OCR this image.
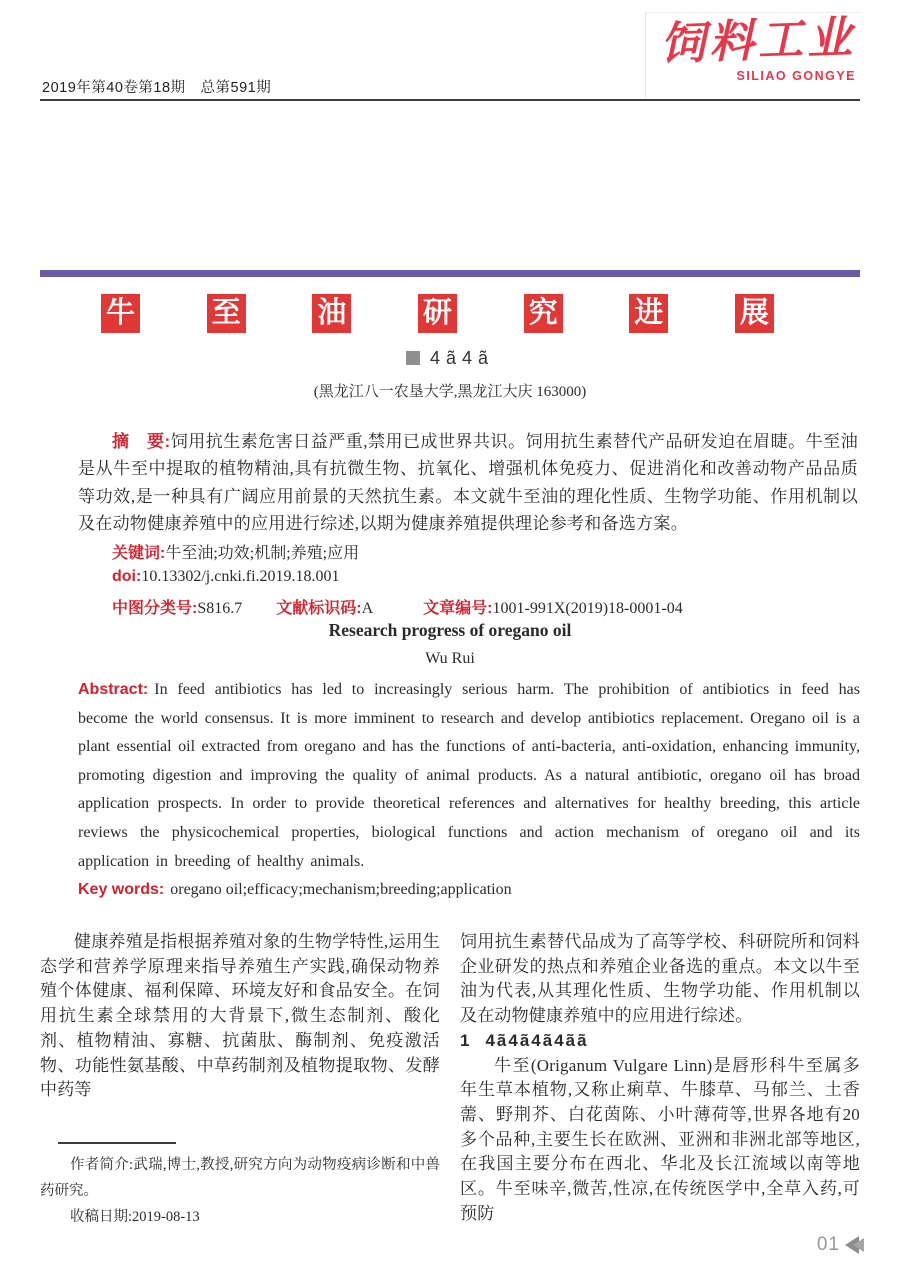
2019年第40卷第18期　总第591期
饲料工业
SILIAO GONGYE
牛	至	油	研	究	进	展
4ã4ã
(黑龙江八一农垦大学,黑龙江大庆 163000)
摘　要:饲用抗生素危害日益严重,禁用已成世界共识。饲用抗生素替代产品研发迫在眉睫。牛至油是从牛至中提取的植物精油,具有抗微生物、抗氧化、增强机体免疫力、促进消化和改善动物产品品质等功效,是一种具有广阔应用前景的天然抗生素。本文就牛至油的理化性质、生物学功能、作用机制以及在动物健康养殖中的应用进行综述,以期为健康养殖提供理论参考和备选方案。
关键词:牛至油;功效;机制;养殖;应用
doi:10.13302/j.cnki.fi.2019.18.001
中图分类号:S816.7 文献标识码:A	文章编号:1001-991X(2019)18-0001-04
Research progress of oregano oil
Wu Rui

Abstract: In feed antibiotics has led to increasingly serious harm. The prohibition of antibiotics in feed has become the world consensus. It is more imminent to research and develop antibiotics replacement. Oregano oil is a plant essential oil extracted from oregano and has the functions of anti-bacteria, anti-oxidation, enhancing immunity, promoting digestion and improving the quality of animal products. As a natural antibiotic, oregano oil has broad application prospects. In order to provide theoretical references and alternatives for healthy breeding, this article reviews the physicochemical properties, biological functions and action mechanism of oregano oil and its application in breeding of healthy animals.

Key words: oregano oil;efficacy;mechanism;breeding;application

健康养殖是指根据养殖对象的生物学特性,运用生态学和营养学原理来指导养殖生产实践,确保动物养殖个体健康、福利保障、环境友好和食品安全。在饲用抗生素全球禁用的大背景下,微生态制剂、酸化剂、植物精油、寡糖、抗菌肽、酶制剂、免疫激活物、功能性氨基酸、中草药制剂及植物提取物、发酵中药等

饲用抗生素替代品成为了高等学校、科研院所和饲料企业研发的热点和养殖企业备选的重点。本文以牛至油为代表,从其理化性质、生物学功能、作用机制以及在动物健康养殖中的应用进行综述。

1 4ã4ã4ã4ãã

牛至(Origanum Vulgare Linn)是唇形科牛至属多年生草本植物,又称止痢草、牛膝草、马郁兰、土香薷、野荆芥、白花茵陈、小叶薄荷等,世界各地有20多个品种,主要生长在欧洲、亚洲和非洲北部等地区,在我国主要分布在西北、华北及长江流域以南等地区。牛至味辛,微苦,性凉,在传统医学中,全草入药,可预防

作者简介:武瑞,博士,教授,研究方向为动物疫病诊断和中兽药研究。

收稿日期:2019-08-13

01
